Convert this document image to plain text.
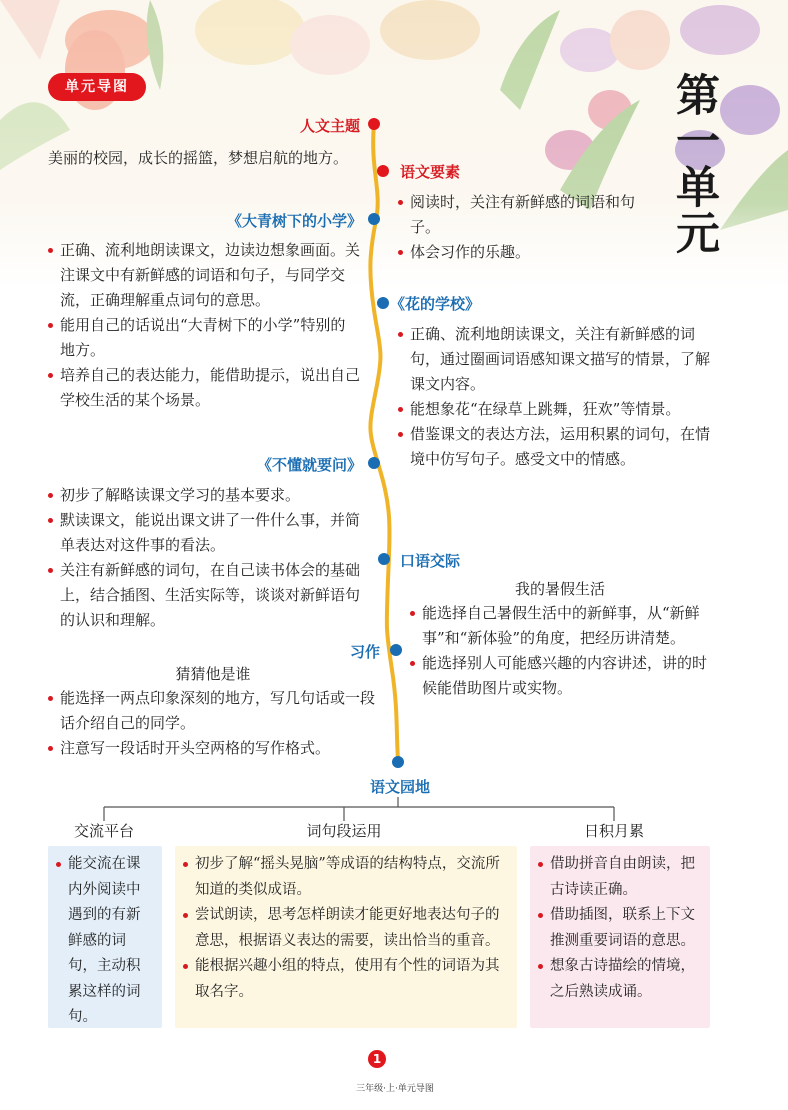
单元导图	第一单元
人文主题
美丽的校园，成长的摇篮，梦想启航的地方。
语文要素
阅读时，关注有新鲜感的词语和句子。
体会习作的乐趣。
《大青树下的小学》
正确、流利地朗读课文，边读边想象画面。关注课文中有新鲜感的词语和句子，与同学交流，正确理解重点词句的意思。
能用自己的话说出“大青树下的小学”特别的地方。
培养自己的表达能力，能借助提示，说出自己学校生活的某个场景。
《花的学校》
正确、流利地朗读课文，关注有新鲜感的词句，通过圈画词语感知课文描写的情景，了解课文内容。
能想象花“在绿草上跳舞，狂欢”等情景。
借鉴课文的表达方法，运用积累的词句，在情境中仿写句子。感受文中的情感。
《不懂就要问》
初步了解略读课文学习的基本要求。
默读课文，能说出课文讲了一件什么事，并简单表达对这件事的看法。
关注有新鲜感的词句，在自己读书体会的基础上，结合插图、生活实际等，谈谈对新鲜语句的认识和理解。
口语交际
我的暑假生活
能选择自己暑假生活中的新鲜事，从“新鲜事”和“新体验”的角度，把经历讲清楚。
能选择别人可能感兴趣的内容讲述，讲的时候能借助图片或实物。
习作
猜猜他是谁
能选择一两点印象深刻的地方，写几句话或一段话介绍自己的同学。
注意写一段话时开头空两格的写作格式。
语文园地
交流平台	词句段运用	日积月累
能交流在课内外阅读中遇到的有新鲜感的词句，主动积累这样的词句。
初步了解“摇头晃脑”等成语的结构特点，交流所知道的类似成语。
尝试朗读，思考怎样朗读才能更好地表达句子的意思，根据语义表达的需要，读出恰当的重音。
能根据兴趣小组的特点，使用有个性的词语为其取名字。
借助拼音自由朗读，把古诗读正确。
借助插图，联系上下文推测重要词语的意思。
想象古诗描绘的情境，之后熟读成诵。
1
三年级·上·单元导图
